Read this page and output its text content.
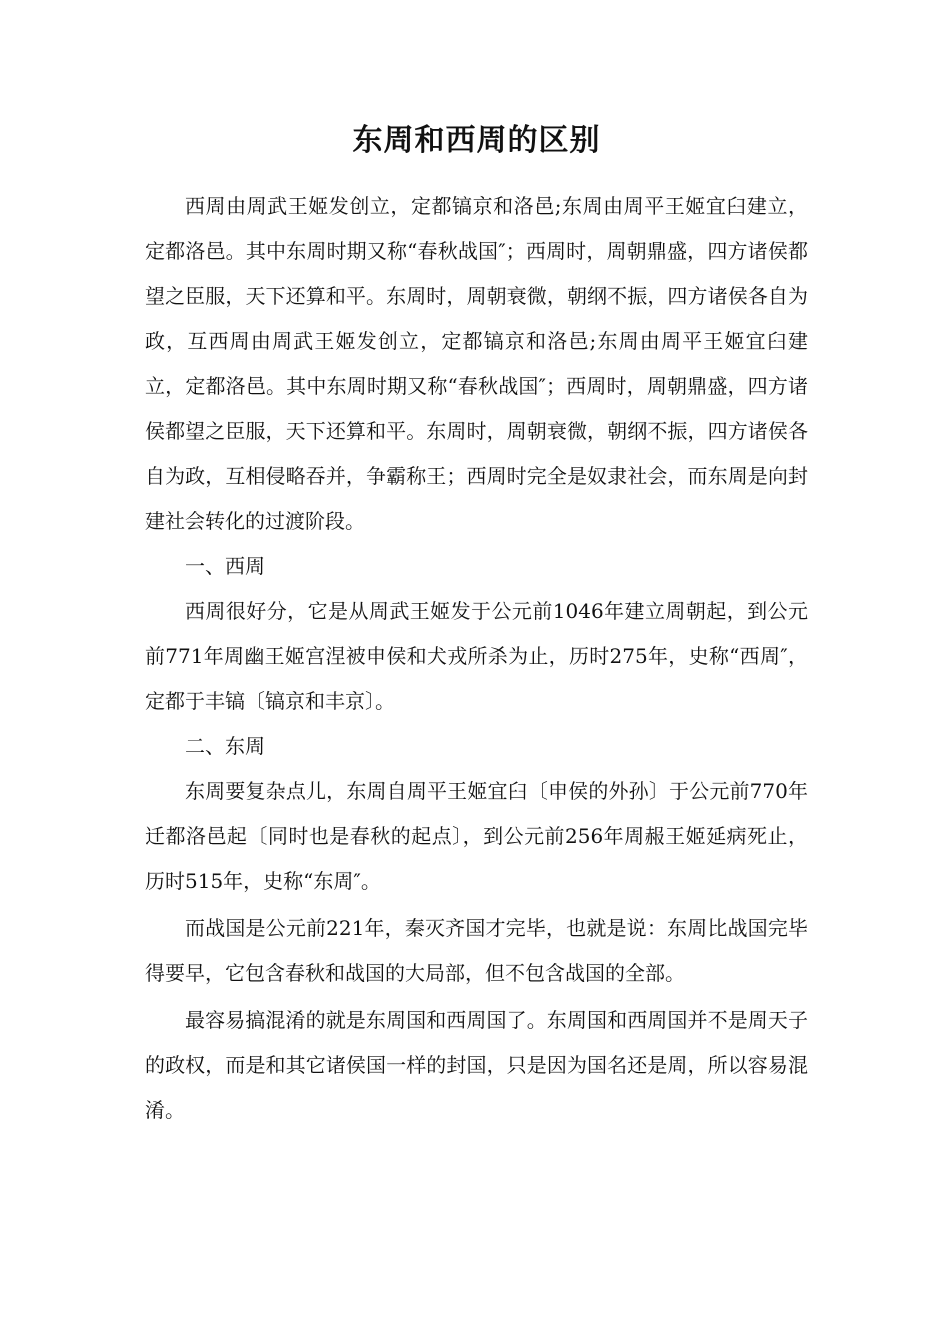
东周和西周的区别

西周由周武王姬发创立，定都镐京和洛邑;东周由周平王姬宜臼建立，定都洛邑。其中东周时期又称“春秋战国″；西周时，周朝鼎盛，四方诸侯都望之臣服，天下还算和平。东周时，周朝衰微，朝纲不振，四方诸侯各自为政，互西周由周武王姬发创立，定都镐京和洛邑;东周由周平王姬宜臼建立，定都洛邑。其中东周时期又称“春秋战国″；西周时，周朝鼎盛，四方诸侯都望之臣服，天下还算和平。东周时，周朝衰微，朝纲不振，四方诸侯各自为政，互相侵略吞并，争霸称王；西周时完全是奴隶社会，而东周是向封建社会转化的过渡阶段。

一、西周

西周很好分，它是从周武王姬发于公元前1046年建立周朝起，到公元前771年周幽王姬宫涅被申侯和犬戎所杀为止，历时275年，史称“西周″，定都于丰镐〔镐京和丰京〕。

二、东周

东周要复杂点儿，东周自周平王姬宜臼〔申侯的外孙〕于公元前770年迁都洛邑起〔同时也是春秋的起点〕，到公元前256年周赧王姬延病死止，历时515年，史称“东周″。

而战国是公元前221年，秦灭齐国才完毕，也就是说：东周比战国完毕得要早，它包含春秋和战国的大局部，但不包含战国的全部。

最容易搞混淆的就是东周国和西周国了。东周国和西周国并不是周天子的政权，而是和其它诸侯国一样的封国，只是因为国名还是周，所以容易混淆。
